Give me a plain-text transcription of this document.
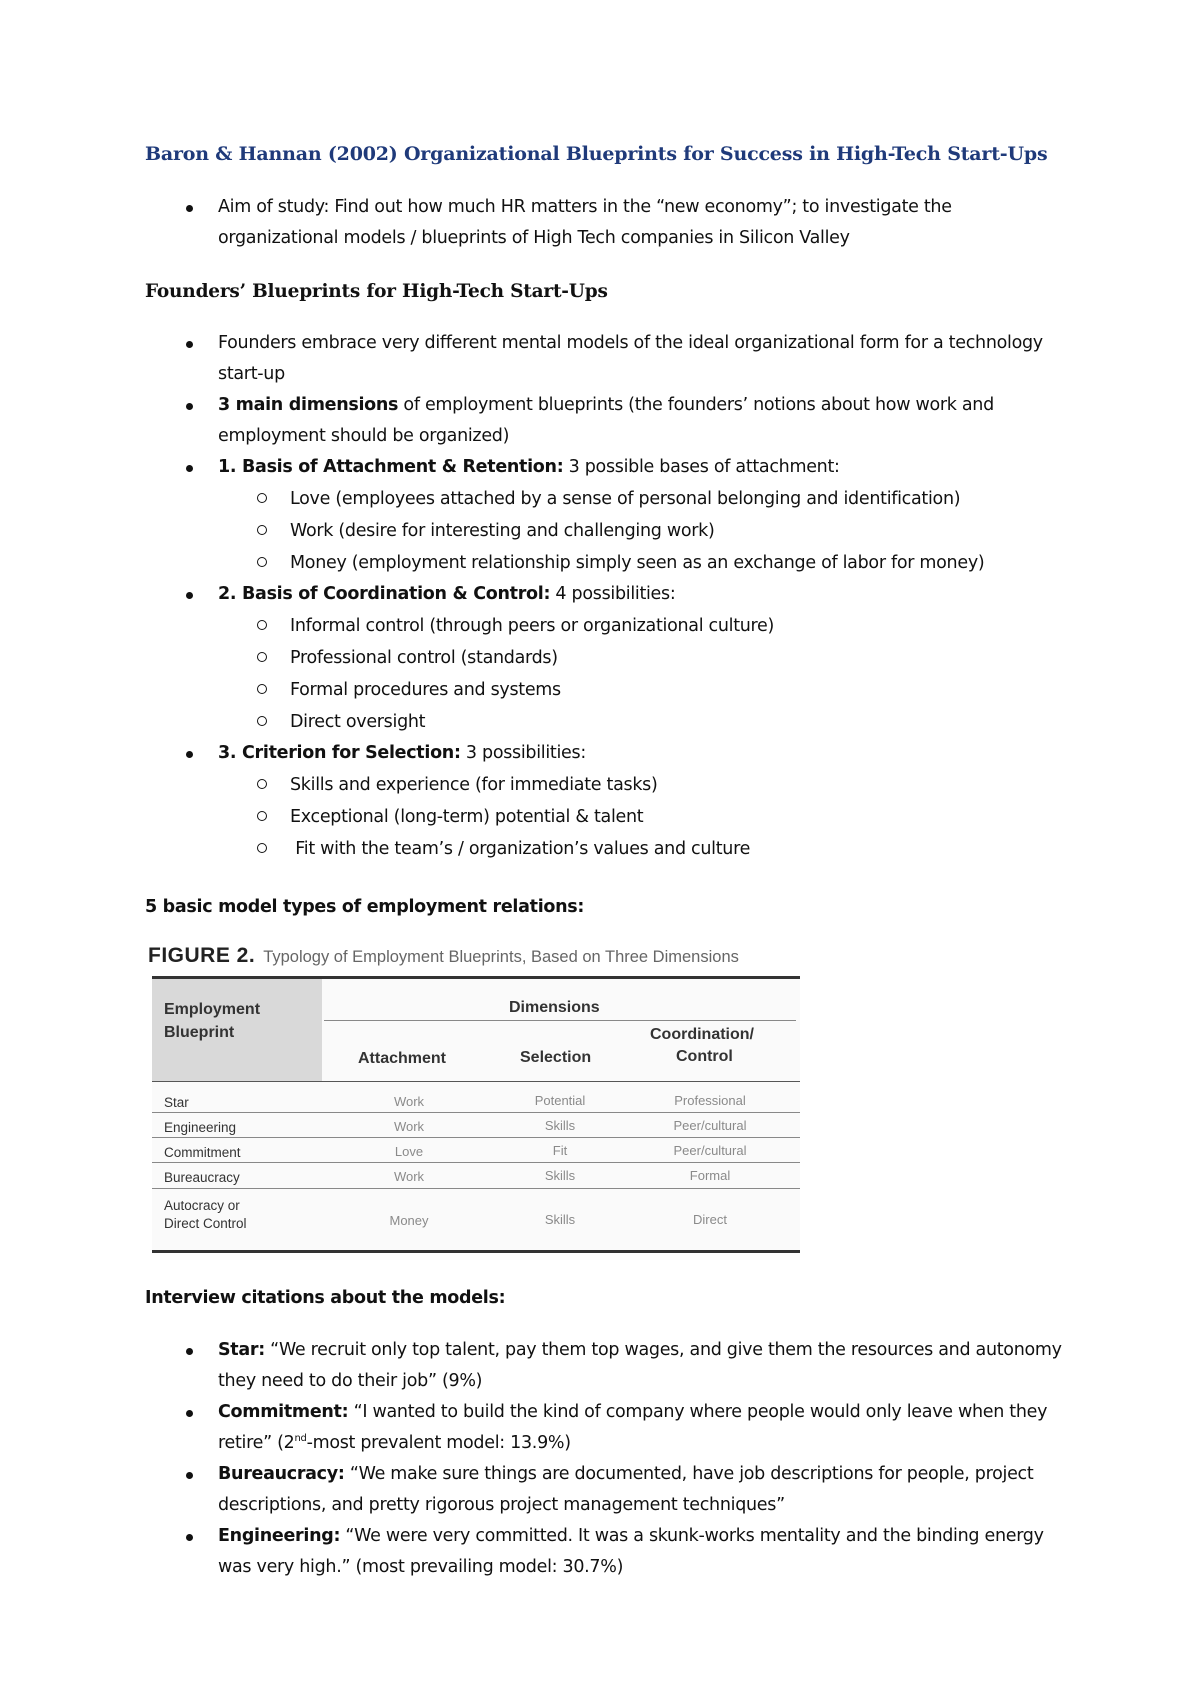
Baron & Hannan (2002) Organizational Blueprints for Success in High-Tech Start-Ups
Aim of study: Find out how much HR matters in the “new economy”; to investigate the organizational models / blueprints of High Tech companies in Silicon Valley
Founders’ Blueprints for High-Tech Start-Ups
Founders embrace very different mental models of the ideal organizational form for a technology start-up
3 main dimensions of employment blueprints (the founders’ notions about how work and employment should be organized)
1. Basis of Attachment & Retention: 3 possible bases of attachment:
Love (employees attached by a sense of personal belonging and identification)
Work (desire for interesting and challenging work)
Money (employment relationship simply seen as an exchange of labor for money)
2. Basis of Coordination & Control: 4 possibilities:
Informal control (through peers or organizational culture)
Professional control (standards)
Formal procedures and systems
Direct oversight
3. Criterion for Selection: 3 possibilities:
Skills and experience (for immediate tasks)
Exceptional (long-term) potential & talent
Fit with the team’s / organization’s values and culture
5 basic model types of employment relations:
FIGURE 2. Typology of Employment Blueprints, Based on Three Dimensions
Employment
Blueprint
Dimensions
Attachment	Selection
Coordination/
Control
Star	Work	Potential	Professional
Engineering	Work	Skills	Peer/cultural
Commitment	Love	Fit	Peer/cultural
Bureaucracy	Work	Skills	Formal
Autocracy or
Direct Control	Money	Skills	Direct
Interview citations about the models:
Star: “We recruit only top talent, pay them top wages, and give them the resources and autonomy they need to do their job” (9%)
Commitment: “I wanted to build the kind of company where people would only leave when they retire” (2nd-most prevalent model: 13.9%)
Bureaucracy: “We make sure things are documented, have job descriptions for people, project descriptions, and pretty rigorous project management techniques”
Engineering: “We were very committed. It was a skunk-works mentality and the binding energy was very high.” (most prevailing model: 30.7%)
